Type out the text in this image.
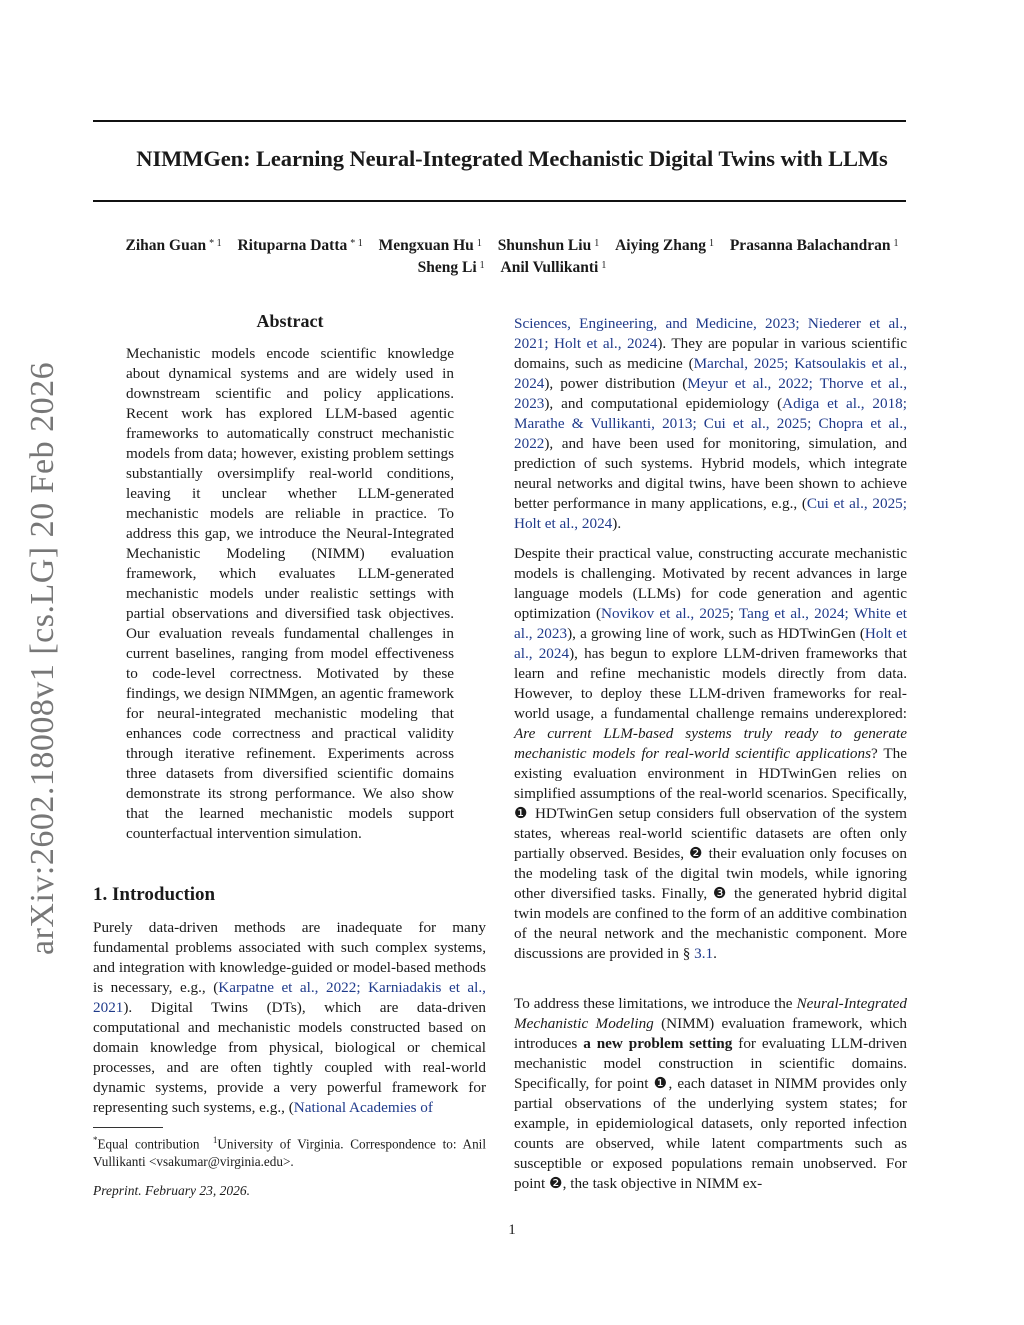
NIMMGen: Learning Neural-Integrated Mechanistic Digital Twins with LLMs
Zihan Guan $^{* 1}$ Rituparna Datta $^{* 1}$ Mengxuan Hu $^1$ Shunshun Liu $^1$ Aiying Zhang $^1$ Prasanna Balachandran $^1$
Sheng Li $^1$ Anil Vullikanti $^1$
arXiv:2602.18008v1 [cs.LG] 20 Feb 2026
Abstract
Mechanistic models encode scientific knowledge about dynamical systems and are widely used in downstream scientific and policy applications. Recent work has explored LLM-based agentic frameworks to automatically construct mechanistic models from data; however, existing problem settings substantially oversimplify real-world conditions, leaving it unclear whether LLM-generated mechanistic models are reliable in practice. To address this gap, we introduce the Neural-Integrated Mechanistic Modeling (NIMM) evaluation framework, which evaluates LLM-generated mechanistic models under realistic settings with partial observations and diversified task objectives. Our evaluation reveals fundamental challenges in current baselines, ranging from model effectiveness to code-level correctness. Motivated by these findings, we design NIMMgen, an agentic framework for neural-integrated mechanistic modeling that enhances code correctness and practical validity through iterative refinement. Experiments across three datasets from diversified scientific domains demonstrate its strong performance. We also show that the learned mechanistic models support counterfactual intervention simulation.
1. Introduction
Purely data-driven methods are inadequate for many fundamental problems associated with such complex systems, and integration with knowledge-guided or model-based methods is necessary, e.g., (Karpatne et al., 2022; Karniadakis et al., 2021). Digital Twins (DTs), which are data-driven computational and mechanistic models constructed based on domain knowledge from physical, biological or chemical processes, and are often tightly coupled with real-world dynamic systems, provide a very powerful framework for representing such systems, e.g., (National Academies of
*Equal contribution $^1$University of Virginia. Correspondence to: Anil Vullikanti <vsakumar@virginia.edu>.
Preprint. February 23, 2026.
Sciences, Engineering, and Medicine, 2023; Niederer et al., 2021; Holt et al., 2024). They are popular in various scientific domains, such as medicine (Marchal, 2025; Katsoulakis et al., 2024), power distribution (Meyur et al., 2022; Thorve et al., 2023), and computational epidemiology (Adiga et al., 2018; Marathe & Vullikanti, 2013; Cui et al., 2025; Chopra et al., 2022), and have been used for monitoring, simulation, and prediction of such systems. Hybrid models, which integrate neural networks and digital twins, have been shown to achieve better performance in many applications, e.g., (Cui et al., 2025; Holt et al., 2024).
Despite their practical value, constructing accurate mechanistic models is challenging. Motivated by recent advances in large language models (LLMs) for code generation and agentic optimization (Novikov et al., 2025; Tang et al., 2024; White et al., 2023), a growing line of work, such as HDTwinGen (Holt et al., 2024), has begun to explore LLM-driven frameworks that learn and refine mechanistic models directly from data. However, to deploy these LLM-driven frameworks for real-world usage, a fundamental challenge remains underexplored: Are current LLM-based systems truly ready to generate mechanistic models for real-world scientific applications? The existing evaluation environment in HDTwinGen relies on simplified assumptions of the real-world scenarios. Specifically, ❶ HDTwinGen setup considers full observation of the system states, whereas real-world scientific datasets are often only partially observed. Besides, ❷ their evaluation only focuses on the modeling task of the digital twin models, while ignoring other diversified tasks. Finally, ❸ the generated hybrid digital twin models are confined to the form of an additive combination of the neural network and the mechanistic component. More discussions are provided in § 3.1.
To address these limitations, we introduce the Neural-Integrated Mechanistic Modeling (NIMM) evaluation framework, which introduces a new problem setting for evaluating LLM-driven mechanistic model construction in scientific domains. Specifically, for point ❶, each dataset in NIMM provides only partial observations of the underlying system states; for example, in epidemiological datasets, only reported infection counts are observed, while latent compartments such as susceptible or exposed populations remain unobserved. For point ❷, the task objective in NIMM ex-
1
